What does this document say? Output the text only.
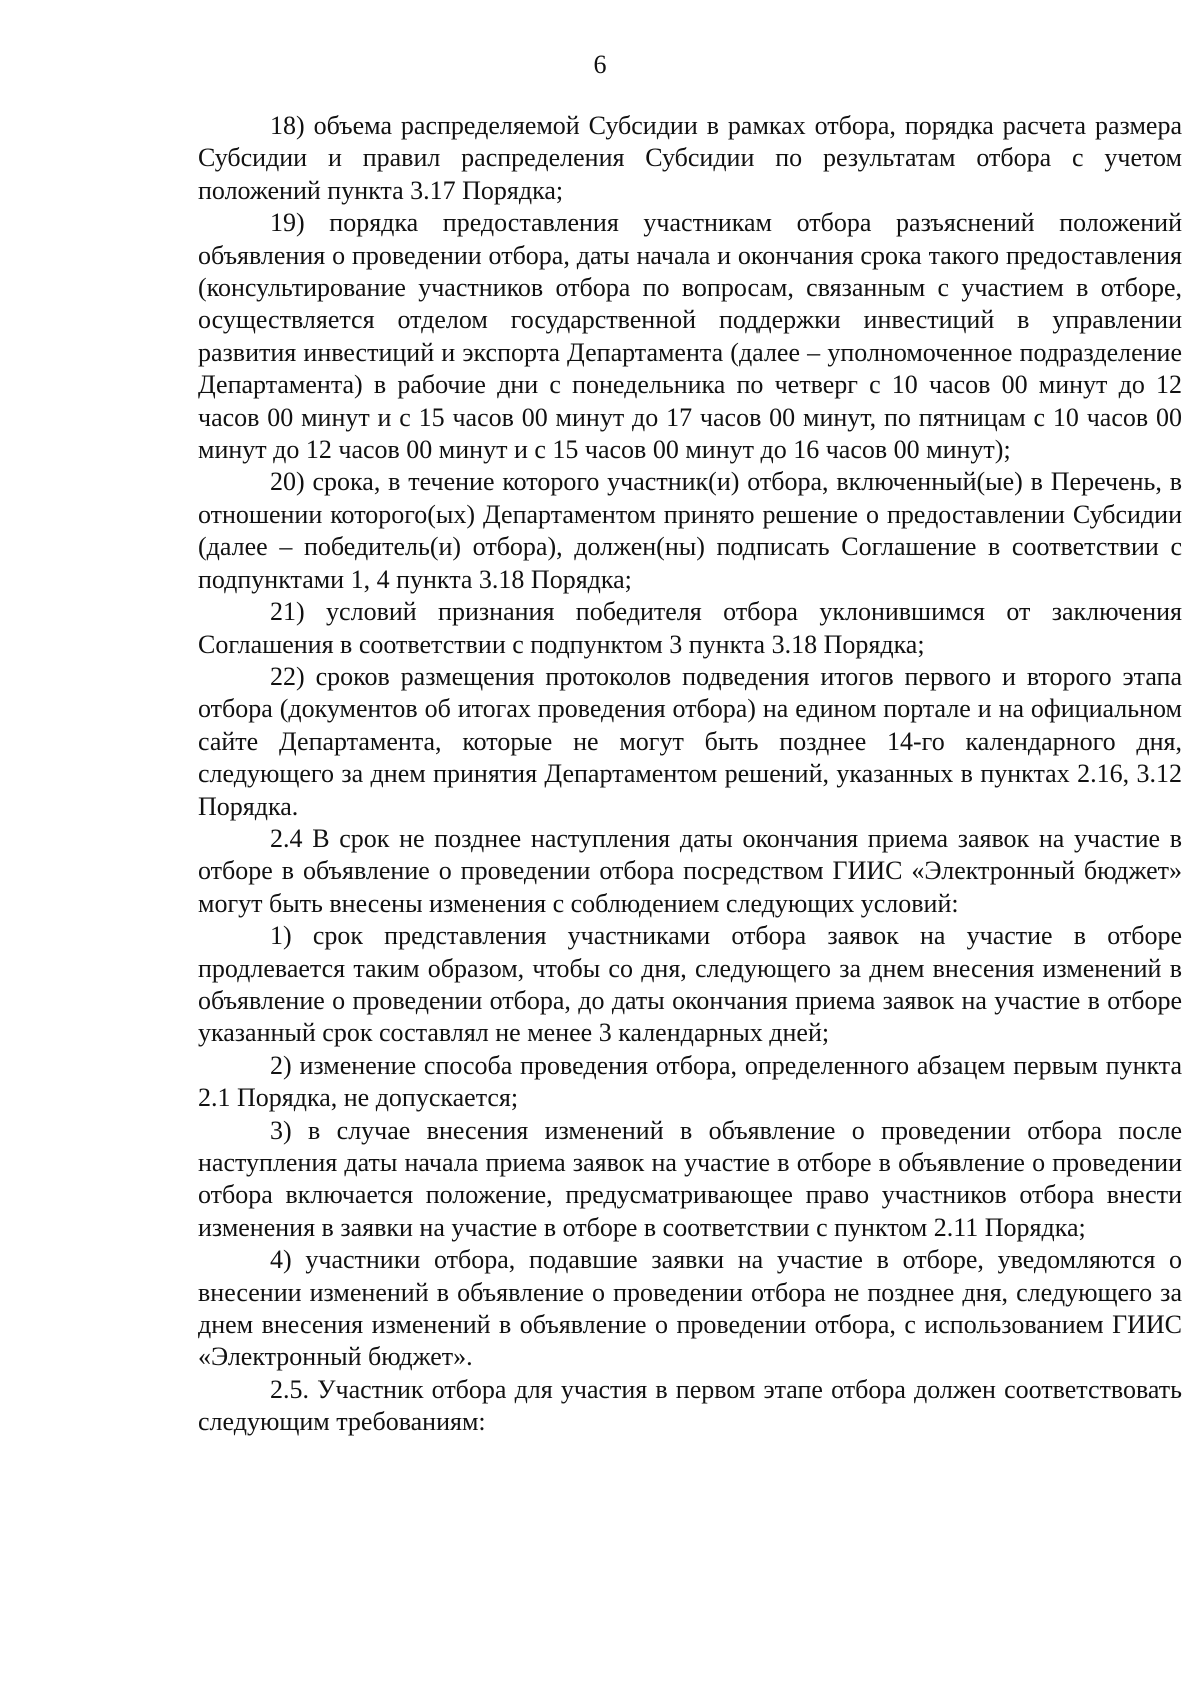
6

18) объема распределяемой Субсидии в рамках отбора, порядка расчета размера Субсидии и правил распределения Субсидии по результатам отбора с учетом положений пункта 3.17 Порядка;

19) порядка предоставления участникам отбора разъяснений положений объявления о проведении отбора, даты начала и окончания срока такого предоставления (консультирование участников отбора по вопросам, связанным с участием в отборе, осуществляется отделом государственной поддержки инвестиций в управлении развития инвестиций и экспорта Департамента (далее – уполномоченное подразделение Департамента) в рабочие дни с понедельника по четверг с 10 часов 00 минут до 12 часов 00 минут и с 15 часов 00 минут до 17 часов 00 минут, по пятницам с 10 часов 00 минут до 12 часов 00 минут и с 15 часов 00 минут до 16 часов 00 минут);

20) срока, в течение которого участник(и) отбора, включенный(ые) в Перечень, в отношении которого(ых) Департаментом принято решение о предоставлении Субсидии (далее – победитель(и) отбора), должен(ны) подписать Соглашение в соответствии с подпунктами 1, 4 пункта 3.18 Порядка;

21) условий признания победителя отбора уклонившимся от заключения Соглашения в соответствии с подпунктом 3 пункта 3.18 Порядка;

22) сроков размещения протоколов подведения итогов первого и второго этапа отбора (документов об итогах проведения отбора) на едином портале и на официальном сайте Департамента, которые не могут быть позднее 14-го календарного дня, следующего за днем принятия Департаментом решений, указанных в пунктах 2.16, 3.12 Порядка.

2.4 В срок не позднее наступления даты окончания приема заявок на участие в отборе в объявление о проведении отбора посредством ГИИС «Электронный бюджет» могут быть внесены изменения с соблюдением следующих условий:

1) срок представления участниками отбора заявок на участие в отборе продлевается таким образом, чтобы со дня, следующего за днем внесения изменений в объявление о проведении отбора, до даты окончания приема заявок на участие в отборе указанный срок составлял не менее 3 календарных дней;

2) изменение способа проведения отбора, определенного абзацем первым пункта 2.1 Порядка, не допускается;

3) в случае внесения изменений в объявление о проведении отбора после наступления даты начала приема заявок на участие в отборе в объявление о проведении отбора включается положение, предусматривающее право участников отбора внести изменения в заявки на участие в отборе в соответствии с пунктом 2.11 Порядка;

4) участники отбора, подавшие заявки на участие в отборе, уведомляются о внесении изменений в объявление о проведении отбора не позднее дня, следующего за днем внесения изменений в объявление о проведении отбора, с использованием ГИИС «Электронный бюджет».

2.5. Участник отбора для участия в первом этапе отбора должен соответствовать следующим требованиям:
